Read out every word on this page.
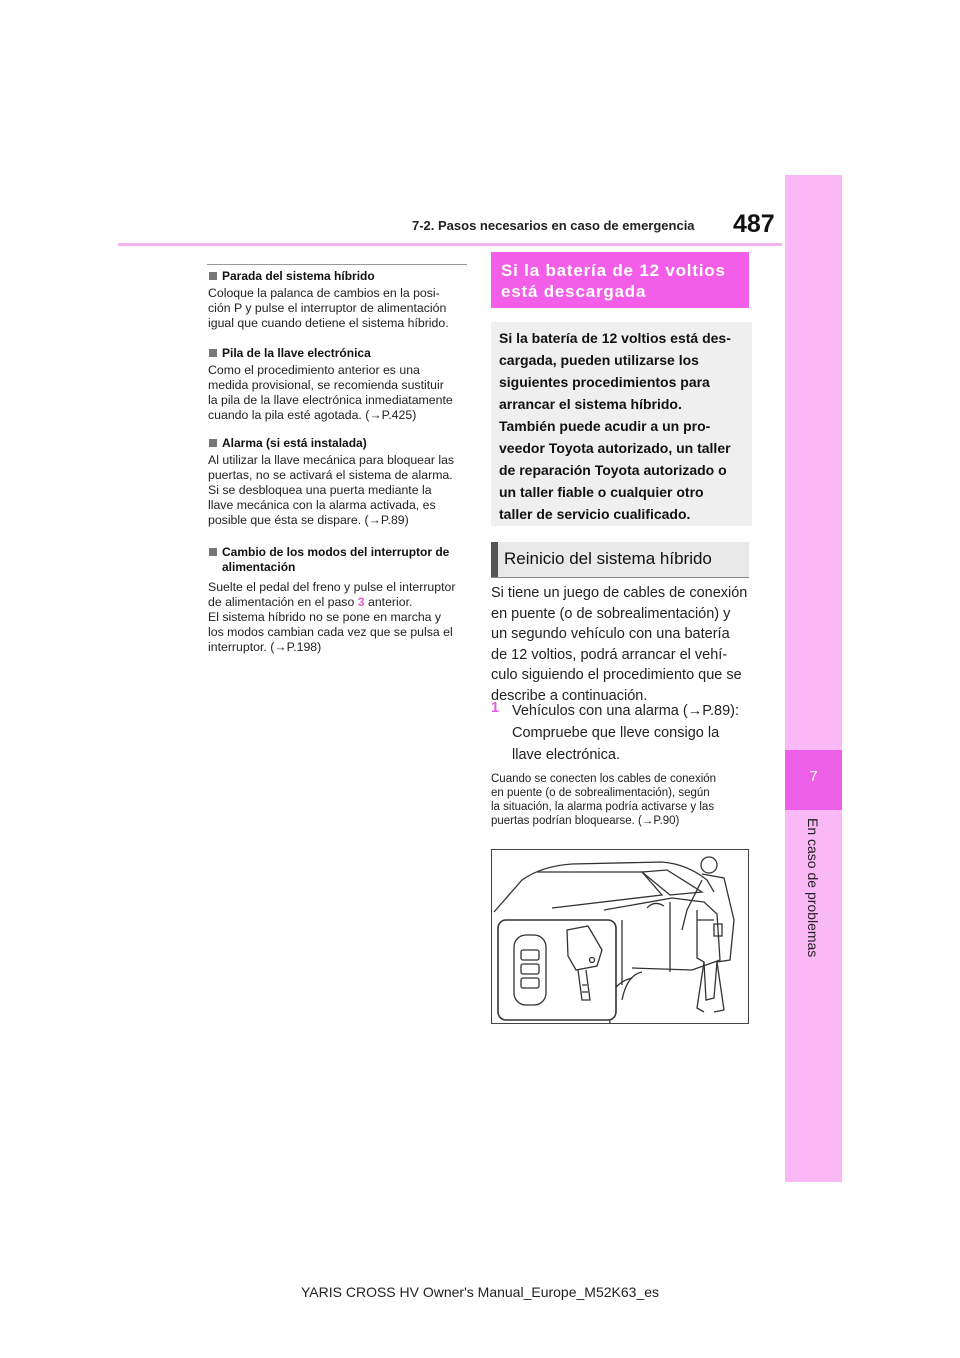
7-2. Pasos necesarios en caso de emergencia 487
7
En caso de problemas
Parada del sistema híbrido
Coloque la palanca de cambios en la posi-
ción P y pulse el interruptor de alimentación
igual que cuando detiene el sistema híbrido.
Pila de la llave electrónica
Como el procedimiento anterior es una
medida provisional, se recomienda sustituir
la pila de la llave electrónica inmediatamente
cuando la pila esté agotada. (→P.425)
Alarma (si está instalada)
Al utilizar la llave mecánica para bloquear las
puertas, no se activará el sistema de alarma.
Si se desbloquea una puerta mediante la
llave mecánica con la alarma activada, es
posible que ésta se dispare. (→P.89)
Cambio de los modos del interruptor de
alimentación
Suelte el pedal del freno y pulse el interruptor
de alimentación en el paso 3 anterior.
El sistema híbrido no se pone en marcha y
los modos cambian cada vez que se pulsa el
interruptor. (→P.198)
Si la batería de 12 voltios
está descargada
Si la batería de 12 voltios está des-
cargada, pueden utilizarse los
siguientes procedimientos para
arrancar el sistema híbrido.
También puede acudir a un pro-
veedor Toyota autorizado, un taller
de reparación Toyota autorizado o
un taller fiable o cualquier otro
taller de servicio cualificado.
Reinicio del sistema híbrido
Si tiene un juego de cables de conexión
en puente (o de sobrealimentación) y
un segundo vehículo con una batería
de 12 voltios, podrá arrancar el vehí-
culo siguiendo el procedimiento que se
describe a continuación.
1 Vehículos con una alarma (→P.89):
Compruebe que lleve consigo la
llave electrónica.
Cuando se conecten los cables de conexión
en puente (o de sobrealimentación), según
la situación, la alarma podría activarse y las
puertas podrían bloquearse. (→P.90)
YARIS CROSS HV Owner's Manual_Europe_M52K63_es
